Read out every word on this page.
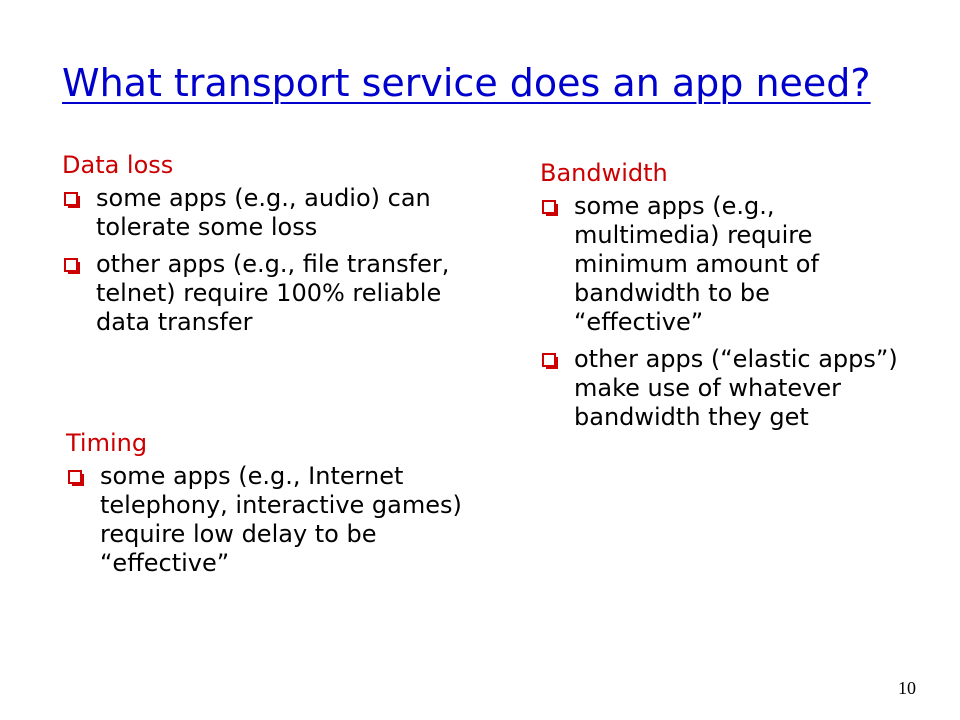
What transport service does an app need?
Data loss
some apps (e.g., audio) can tolerate some loss
other apps (e.g., file transfer, telnet) require 100% reliable data transfer
Timing
some apps (e.g., Internet telephony, interactive games) require low delay to be “effective”
Bandwidth
some apps (e.g., multimedia) require minimum amount of bandwidth to be “effective”
other apps (“elastic apps”) make use of whatever bandwidth they get
10
